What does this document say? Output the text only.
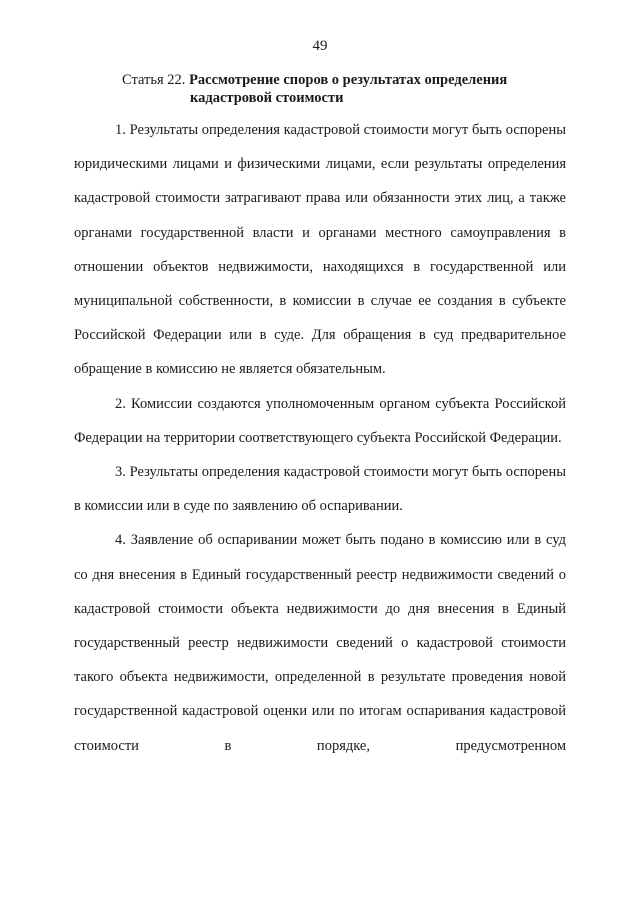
49
Статья 22. Рассмотрение споров о результатах определения
кадастровой стоимости

1. Результаты определения кадастровой стоимости могут быть оспорены юридическими лицами и физическими лицами, если результаты определения кадастровой стоимости затрагивают права или обязанности этих лиц, а также органами государственной власти и органами местного самоуправления в отношении объектов недвижимости, находящихся в государственной или муниципальной собственности, в комиссии в случае ее создания в субъекте Российской Федерации или в суде. Для обращения в суд предварительное обращение в комиссию не является обязательным.

2. Комиссии создаются уполномоченным органом субъекта Российской Федерации на территории соответствующего субъекта Российской Федерации.

3. Результаты определения кадастровой стоимости могут быть оспорены в комиссии или в суде по заявлению об оспаривании.

4. Заявление об оспаривании может быть подано в комиссию или в суд со дня внесения в Единый государственный реестр недвижимости сведений о кадастровой стоимости объекта недвижимости до дня внесения в Единый государственный реестр недвижимости сведений о кадастровой стоимости такого объекта недвижимости, определенной в результате проведения новой государственной кадастровой оценки или по итогам оспаривания кадастровой стоимости в порядке, предусмотренном
